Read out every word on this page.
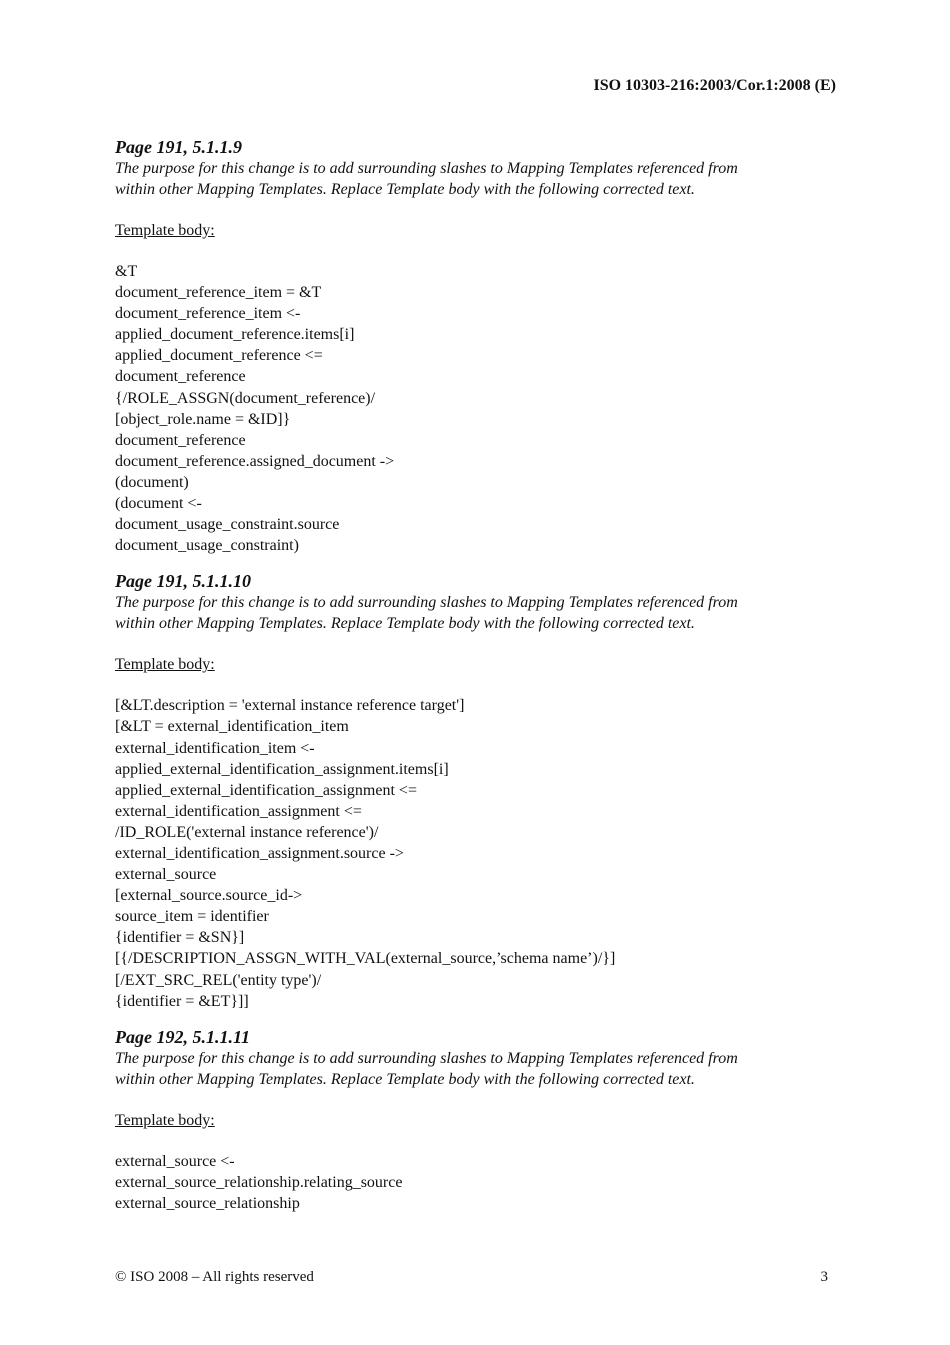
ISO 10303-216:2003/Cor.1:2008 (E)
Page 191, 5.1.1.9
The purpose for this change is to add surrounding slashes to Mapping Templates referenced from
within other Mapping Templates. Replace Template body with the following corrected text.
Template body:
&T
document_reference_item = &T
document_reference_item <-
applied_document_reference.items[i]
applied_document_reference <=
document_reference
{/ROLE_ASSGN(document_reference)/
[object_role.name = &ID]}
document_reference
document_reference.assigned_document ->
(document)
(document <-
document_usage_constraint.source
document_usage_constraint)
Page 191, 5.1.1.10
The purpose for this change is to add surrounding slashes to Mapping Templates referenced from
within other Mapping Templates. Replace Template body with the following corrected text.
Template body:
[&LT.description = 'external instance reference target']
[&LT = external_identification_item
external_identification_item <-
applied_external_identification_assignment.items[i]
applied_external_identification_assignment <=
external_identification_assignment <=
/ID_ROLE('external instance reference')/
external_identification_assignment.source ->
external_source
[external_source.source_id->
source_item = identifier
{identifier = &SN}]
[{/DESCRIPTION_ASSGN_WITH_VAL(external_source,’schema name’)/}]
[/EXT_SRC_REL('entity type')/
{identifier = &ET}]]
Page 192, 5.1.1.11
The purpose for this change is to add surrounding slashes to Mapping Templates referenced from
within other Mapping Templates. Replace Template body with the following corrected text.
Template body:
external_source <-
external_source_relationship.relating_source
external_source_relationship
© ISO 2008 – All rights reserved	3
